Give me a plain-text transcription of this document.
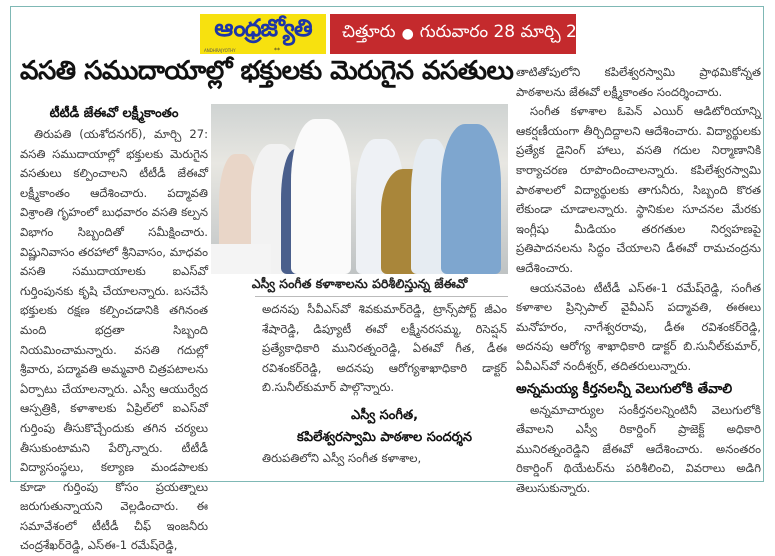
ఆంధ్రజ్యోతి
ANDHRAJYOTHY	**
చిత్తూరు ● గురువారం 28 మార్చి 2019
వసతి సముదాయాల్లో భక్తులకు మెరుగైన వసతులు
టీటీడీ జేఈవో లక్ష్మీకాంతం

తిరుపతి (యశోదనగర్), మార్చి 27: వసతి సముదాయాల్లో భక్తులకు మెరుగైన వసతులు కల్పించాలని టీటీడీ జేఈవో లక్ష్మీకాంతం ఆదేశించారు. పద్మావతి విశ్రాంతి గృహంలో బుధవారం వసతి కల్పన విభాగం సిబ్బందితో సమీక్షించారు. విష్ణునివాసం తరహాలో శ్రీనివాసం, మాధవం వసతి సముదాయాలకు ఐఎస్‌వో గుర్తింపునకు కృషి చేయాలన్నారు. బసచేసే భక్తులకు రక్షణ కల్పించడానికి తగినంత మంది భద్రతా సిబ్బంది నియమించామన్నారు. వసతి గదుల్లో శ్రీవారు, పద్మావతి అమ్మవారి చిత్రపటాలను ఏర్పాటు చేయాలన్నారు. ఎస్వీ ఆయుర్వేద ఆస్పత్రికి, కళాశాలకు ఏప్రిల్‌లో ఐఎస్‌వో గుర్తింపు తీసుకొచ్చేందుకు తగిన చర్యలు తీసుకుంటామని పేర్కొన్నారు. టీటీడీ విద్యాసంస్థలు, కల్యాణ మండపాలకు కూడా గుర్తింపు కోసం ప్రయత్నాలు జరుగుతున్నాయని వెల్లడించారు. ఈ సమావేశంలో టీటీడీ చీఫ్ ఇంజనీరు చంద్రశేఖర్‌రెడ్డి, ఎస్‌ఈ-1 రమేష్‌రెడ్డి,

ఎస్వీ సంగీత కళాశాలను పరిశీలిస్తున్న జేఈవో

అదనపు సీవీఎస్‌వో శివకుమార్‌రెడ్డి, ట్రాన్స్‌పోర్ట్ జీఎం శేషారెడ్డి, డిప్యూటీ ఈవో లక్ష్మీనరసమ్మ, రిసెప్షన్ ప్రత్యేకాధికారి మునిరత్నంరెడ్డి, ఏఈవో గీత, డీఈ రవిశంకర్‌రెడ్డి, అదనపు ఆరోగ్యశాఖాధికారి డాక్టర్ బి.సునీల్‌కుమార్ పాల్గొన్నారు.

ఎస్వీ సంగీత,
కపిలేశ్వరస్వామి పాఠశాల సందర్శన

తిరుపతిలోని ఎస్వీ సంగీత కళాశాల,

తాటితోపులోని కపిలేశ్వరస్వామి ప్రాథమికోన్నత పాఠశాలను జేఈవో లక్ష్మీకాంతం సందర్శించారు.

సంగీత కళాశాల ఓపెన్ ఎయిర్ ఆడిటోరియాన్ని ఆకర్షణీయంగా తీర్చిదిద్దాలని ఆదేశించారు. విద్యార్థులకు ప్రత్యేక డైనింగ్ హాలు, వసతి గదుల నిర్మాణానికి కార్యాచరణ రూపొందించాలన్నారు. కపిలేశ్వరస్వామి పాఠశాలలో విద్యార్థులకు తాగునీరు, సిబ్బంది కొరత లేకుండా చూడాలన్నారు. స్థానికుల సూచనల మేరకు ఇంగ్లీషు మీడియం తరగతుల నిర్వహణపై ప్రతిపాదనలను సిద్ధం చేయాలని డీఈవో రామచంద్రను ఆదేశించారు.

ఆయనవెంట టీటీడీ ఎస్‌ఈ-1 రమేష్‌రెడ్డి, సంగీత కళాశాల ప్రిన్సిపాల్ వైవీఎస్ పద్మావతి, ఈఈలు మనోహరం, నాగేశ్వరరావు, డీఈ రవిశంకర్‌రెడ్డి, అదనపు ఆరోగ్య శాఖాధికారి డాక్టర్ బి.సునీల్‌కుమార్, ఏవీఎస్‌వో నందీశ్వర్, తదితరులున్నారు.

అన్నమయ్య కీర్తనలన్నీ వెలుగులోకి తేవాలి

అన్నమాచార్యుల సంకీర్తనలన్నింటినీ వెలుగులోకి తేవాలని ఎస్వీ రికార్డింగ్ ప్రాజెక్ట్ అధికారి మునిరత్నంరెడ్డిని జేఈవో ఆదేశించారు. అనంతరం రికార్డింగ్ థియేటర్‌ను పరిశీలించి, వివరాలు అడిగి తెలుసుకున్నారు.
